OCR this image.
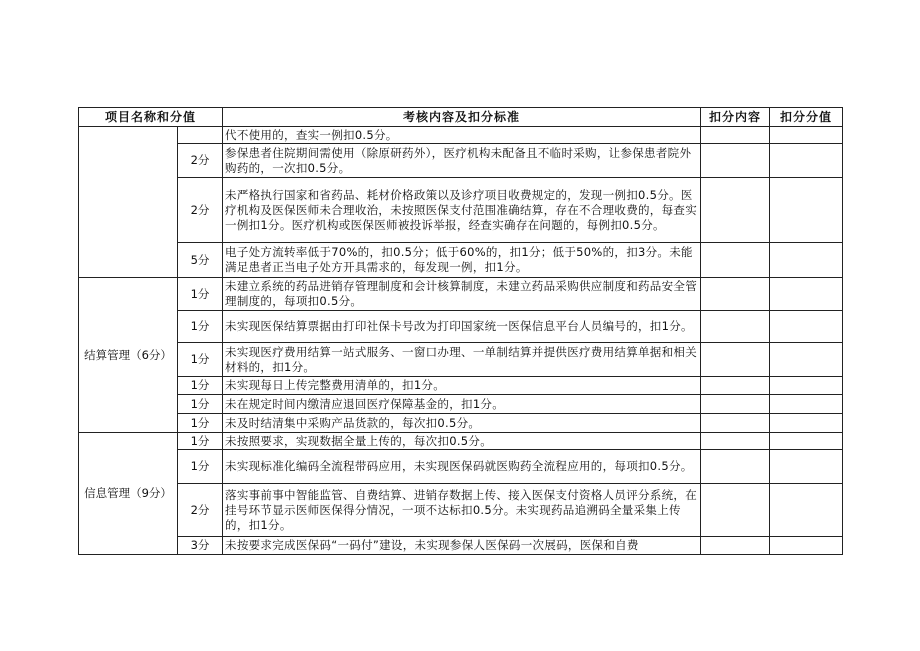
项目名称和分值		考核内容及扣分标准	扣分内容	扣分分值
		代不使用的，查实一例扣0.5分。		
	2分	参保患者住院期间需使用（除原研药外），医疗机构未配备且不临时采购，让参保患者院外购药的，一次扣0.5分。		
	2分	未严格执行国家和省药品、耗材价格政策以及诊疗项目收费规定的，发现一例扣0.5分。医疗机构及医保医师未合理收治，未按照医保支付范围准确结算，存在不合理收费的，每查实一例扣1分。医疗机构或医保医师被投诉举报，经查实确存在问题的，每例扣0.5分。		
	5分	电子处方流转率低于70%的，扣0.5分；低于60%的，扣1分；低于50%的，扣3分。未能满足患者正当电子处方开具需求的，每发现一例，扣1分。		
结算管理（6分）	1分	未建立系统的药品进销存管理制度和会计核算制度，未建立药品采购供应制度和药品安全管理制度的，每项扣0.5分。		
	1分	未实现医保结算票据由打印社保卡号改为打印国家统一医保信息平台人员编号的，扣1分。		
	1分	未实现医疗费用结算一站式服务、一窗口办理、一单制结算并提供医疗费用结算单据和相关材料的，扣1分。		
	1分	未实现每日上传完整费用清单的，扣1分。		
	1分	未在规定时间内缴清应退回医疗保障基金的，扣1分。		
	1分	未及时结清集中采购产品货款的，每次扣0.5分。		
信息管理（9分）	1分	未按照要求，实现数据全量上传的，每次扣0.5分。		
	1分	未实现标准化编码全流程带码应用，未实现医保码就医购药全流程应用的，每项扣0.5分。		
	2分	落实事前事中智能监管、自费结算、进销存数据上传、接入医保支付资格人员评分系统，在挂号环节显示医师医保得分情况，一项不达标扣0.5分。未实现药品追溯码全量采集上传的，扣1分。		
	3分	未按要求完成医保码“一码付”建设，未实现参保人医保码一次展码，医保和自费		
